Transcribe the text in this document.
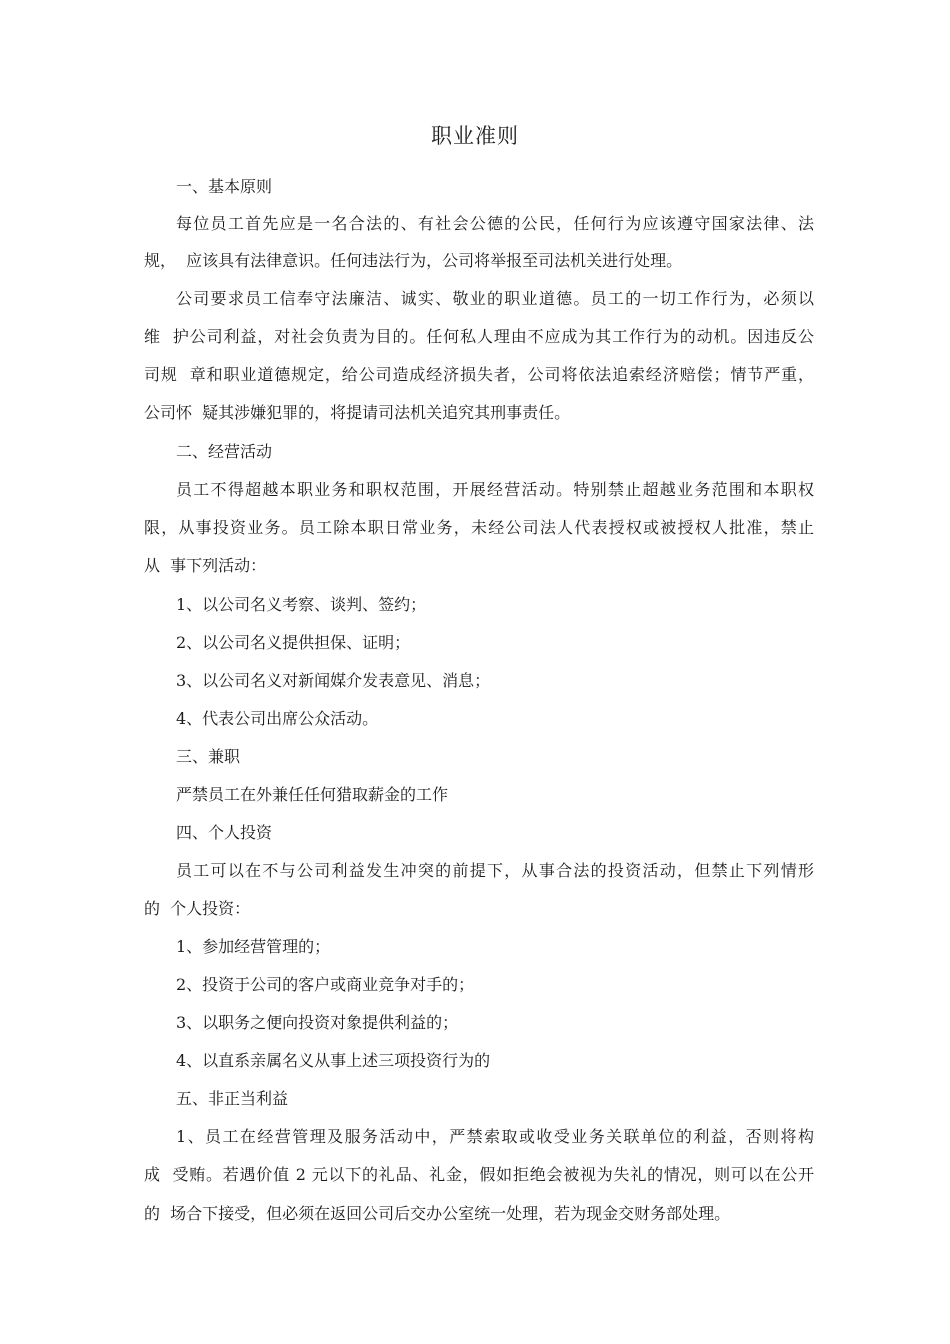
职业准则
一、基本原则
每位员工首先应是一名合法的、有社会公德的公民，任何行为应该遵守国家法律、法
规，  应该具有法律意识。任何违法行为，公司将举报至司法机关进行处理。
公司要求员工信奉守法廉洁、诚实、敬业的职业道德。员工的一切工作行为，必须以
维  护公司利益，对社会负责为目的。任何私人理由不应成为其工作行为的动机。因违反公
司规  章和职业道德规定，给公司造成经济损失者，公司将依法追索经济赔偿；情节严重，
公司怀  疑其涉嫌犯罪的，将提请司法机关追究其刑事责任。
二、经营活动
员工不得超越本职业务和职权范围，开展经营活动。特别禁止超越业务范围和本职权
限，从事投资业务。员工除本职日常业务，未经公司法人代表授权或被授权人批准，禁止
从  事下列活动：
1、以公司名义考察、谈判、签约；
2、以公司名义提供担保、证明；
3、以公司名义对新闻媒介发表意见、消息；
4、代表公司出席公众活动。
三、兼职
严禁员工在外兼任任何猎取薪金的工作
四、个人投资
员工可以在不与公司利益发生冲突的前提下，从事合法的投资活动，但禁止下列情形
的  个人投资：
1、参加经营管理的；
2、投资于公司的客户或商业竞争对手的；
3、以职务之便向投资对象提供利益的；
4、以直系亲属名义从事上述三项投资行为的
五、非正当利益
1、员工在经营管理及服务活动中，严禁索取或收受业务关联单位的利益，否则将构
成  受贿。若遇价值 2 元以下的礼品、礼金，假如拒绝会被视为失礼的情况，则可以在公开
的  场合下接受，但必须在返回公司后交办公室统一处理，若为现金交财务部处理。
